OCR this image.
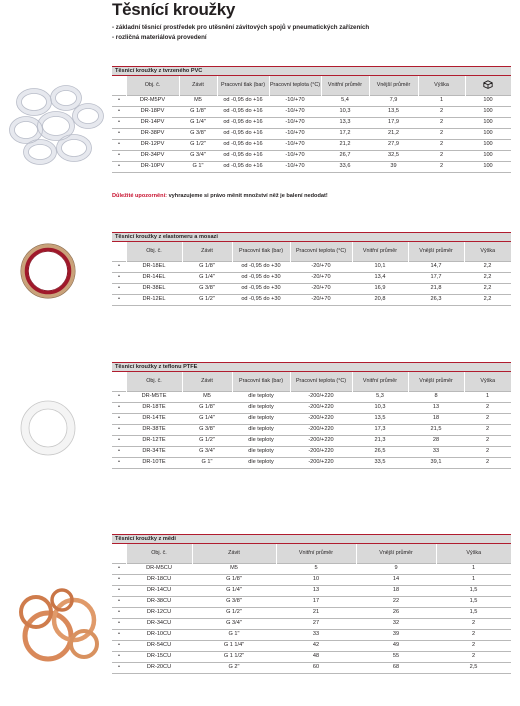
Těsnící kroužky
- základní těsnicí prostředek pro utěsnění závitových spojů v pneumatických zařízeních
- rozličná materiálová provedení
Těsnicí kroužky z tvrzeného PVC
	Obj. č.	Závit	Pracovní tlak (bar)	Pracovní teplota (°C)	Vnitřní průměr	Vnější průměr	Výška	
•	DR-M5PV	M5	od -0,95 do +16	-10/+70	5,4	7,9	1	100
•	DR-18PV	G 1/8"	od -0,95 do +16	-10/+70	10,3	13,5	2	100
•	DR-14PV	G 1/4"	od -0,95 do +16	-10/+70	13,3	17,9	2	100
•	DR-38PV	G 3/8"	od -0,95 do +16	-10/+70	17,2	21,2	2	100
•	DR-12PV	G 1/2"	od -0,95 do +16	-10/+70	21,2	27,9	2	100
•	DR-34PV	G 3/4"	od -0,95 do +16	-10/+70	26,7	32,5	2	100
•	DR-10PV	G 1"	od -0,95 do +16	-10/+70	33,6	39	2	100
Důležité upozornění: vyhrazujeme si právo měnit množství něž je balení nedodat!
Těsnicí kroužky z elastomeru a mosazi
	Obj. č.	Závit	Pracovní tlak (bar)	Pracovní teplota (°C)	Vnitřní průměr	Vnější průměr	Výška
•	DR-18EL	G 1/8"	od -0,95 do +30	-20/+70	10,1	14,7	2,2
•	DR-14EL	G 1/4"	od -0,95 do +30	-20/+70	13,4	17,7	2,2
•	DR-38EL	G 3/8"	od -0,95 do +30	-20/+70	16,9	21,8	2,2
•	DR-12EL	G 1/2"	od -0,95 do +30	-20/+70	20,8	26,3	2,2
Těsnicí kroužky z teflonu PTFE
	Obj. č.	Závit	Pracovní tlak (bar)	Pracovní teplota (°C)	Vnitřní průměr	Vnější průměr	Výška
•	DR-M5TE	M5	dle teploty	-200/+220	5,3	8	1
•	DR-18TE	G 1/8"	dle teploty	-200/+220	10,3	13	2
•	DR-14TE	G 1/4"	dle teploty	-200/+220	13,5	18	2
•	DR-38TE	G 3/8"	dle teploty	-200/+220	17,3	21,5	2
•	DR-12TE	G 1/2"	dle teploty	-200/+220	21,3	28	2
•	DR-34TE	G 3/4"	dle teploty	-200/+220	26,5	33	2
•	DR-10TE	G 1"	dle teploty	-200/+220	33,5	39,1	2
Těsnicí kroužky z mědi
	Obj. č.	Závit	Vnitřní průměr	Vnější průměr	Výška
•	DR-M5CU	M5	5	9	1
•	DR-18CU	G 1/8"	10	14	1
•	DR-14CU	G 1/4"	13	18	1,5
•	DR-38CU	G 3/8"	17	22	1,5
•	DR-12CU	G 1/2"	21	26	1,5
•	DR-34CU	G 3/4"	27	32	2
•	DR-10CU	G 1"	33	39	2
•	DR-54CU	G 1 1/4"	42	49	2
•	DR-15CU	G 1 1/2"	48	55	2
•	DR-20CU	G 2"	60	68	2,5
